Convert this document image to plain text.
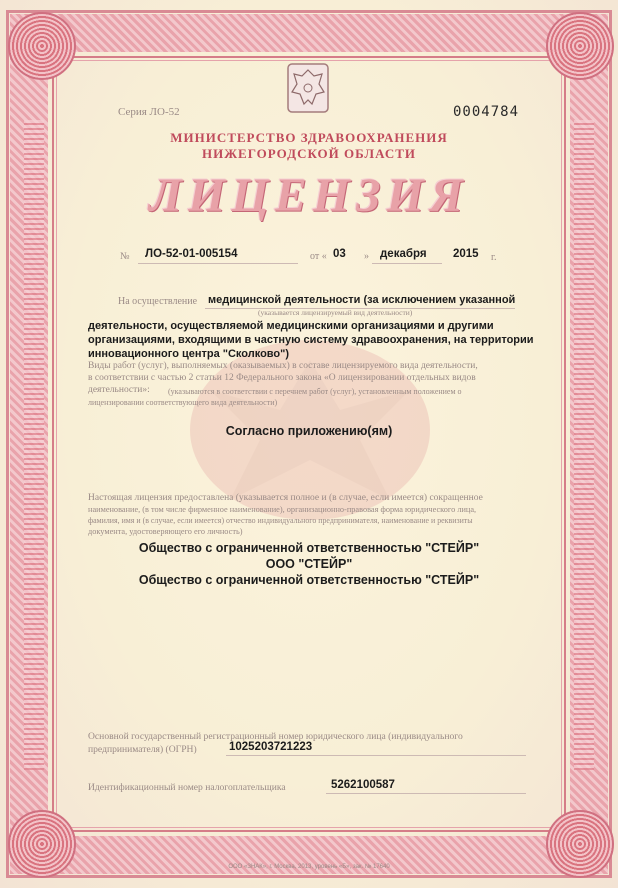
Серия ЛО-52	0004784
МИНИСТЕРСТВО ЗДРАВООХРАНЕНИЯ
НИЖЕГОРОДСКОЙ ОБЛАСТИ
ЛИЦЕНЗИЯ
№ ЛО-52-01-005154	от « 03 » декабря 2015 г.
На осуществление медицинской деятельности (за исключением указанной
(указывается лицензируемый вид деятельности)
деятельности, осуществляемой медицинскими организациями и другими
организациями, входящими в частную систему здравоохранения, на территории
инновационного центра "Сколково")
Виды работ (услуг), выполняемых (оказываемых) в составе лицензируемого вида деятельности,
в соответствии с частью 2 статьи 12 Федерального закона «О лицензировании отдельных видов
деятельности»: (указываются в соответствии с перечнем работ (услуг), установленным положением о
лицензировании соответствующего вида деятельности)
Согласно приложению(ям)
Настоящая лицензия предоставлена (указывается полное и (в случае, если имеется) сокращенное
наименование, (в том числе фирменное наименование), организационно-правовая форма юридического лица,
фамилия, имя и (в случае, если имеется) отчество индивидуального предпринимателя, наименование и реквизиты
документа, удостоверяющего его личность)
Общество с ограниченной ответственностью "СТЕЙР"
ООО "СТЕЙР"
Общество с ограниченной ответственностью "СТЕЙР"
Основной государственный регистрационный номер юридического лица (индивидуального
предпринимателя) (ОГРН)	1025203721223
Идентификационный номер налогоплательщика	5262100587
ООО «ЗНАК», г. Москва, 2013, уровень «Б», зак. № 17640
